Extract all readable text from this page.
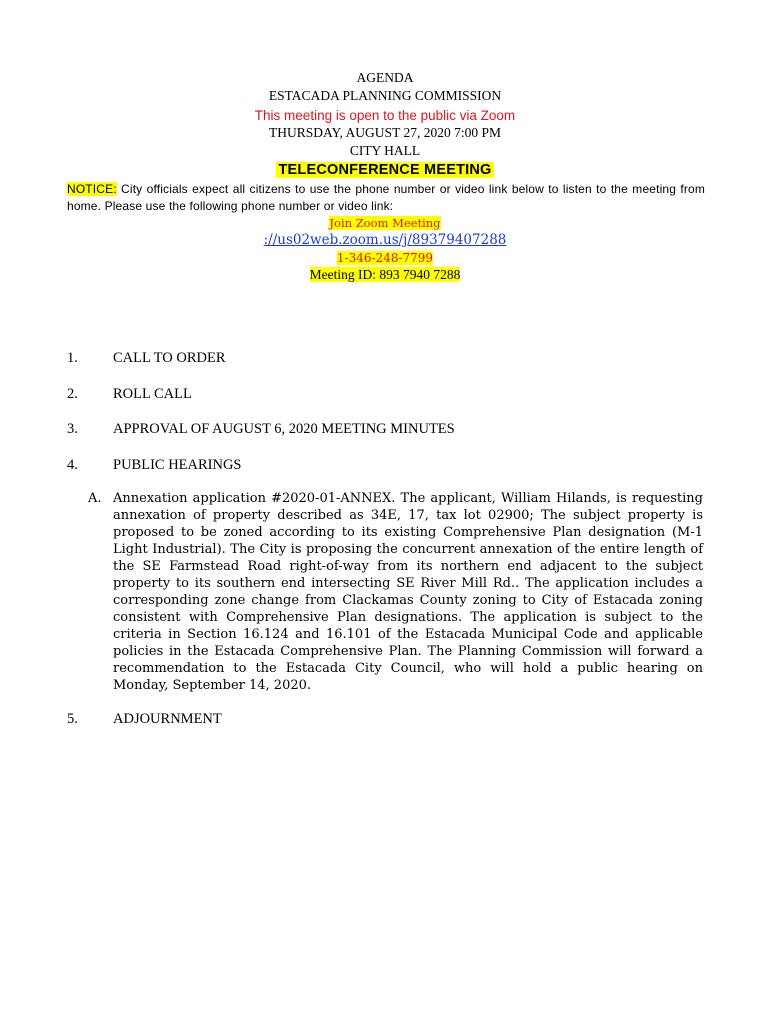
AGENDA
ESTACADA PLANNING COMMISSION
This meeting is open to the public via Zoom
THURSDAY, AUGUST 27, 2020 7:00 PM
CITY HALL
TELECONFERENCE MEETING
NOTICE: City officials expect all citizens to use the phone number or video link below to listen to the meeting from home. Please use the following phone number or video link:
Join Zoom Meeting
://us02web.zoom.us/j/89379407288
1-346-248-7799
Meeting ID: 893 7940 7288
1. CALL TO ORDER
2. ROLL CALL
3. APPROVAL OF AUGUST 6, 2020 MEETING MINUTES
4. PUBLIC HEARINGS
A. Annexation application #2020-01-ANNEX. The applicant, William Hilands, is requesting annexation of property described as 34E, 17, tax lot 02900; The subject property is proposed to be zoned according to its existing Comprehensive Plan designation (M-1 Light Industrial). The City is proposing the concurrent annexation of the entire length of the SE Farmstead Road right-of-way from its northern end adjacent to the subject property to its southern end intersecting SE River Mill Rd.. The application includes a corresponding zone change from Clackamas County zoning to City of Estacada zoning consistent with Comprehensive Plan designations. The application is subject to the criteria in Section 16.124 and 16.101 of the Estacada Municipal Code and applicable policies in the Estacada Comprehensive Plan. The Planning Commission will forward a recommendation to the Estacada City Council, who will hold a public hearing on Monday, September 14, 2020.
5. ADJOURNMENT
